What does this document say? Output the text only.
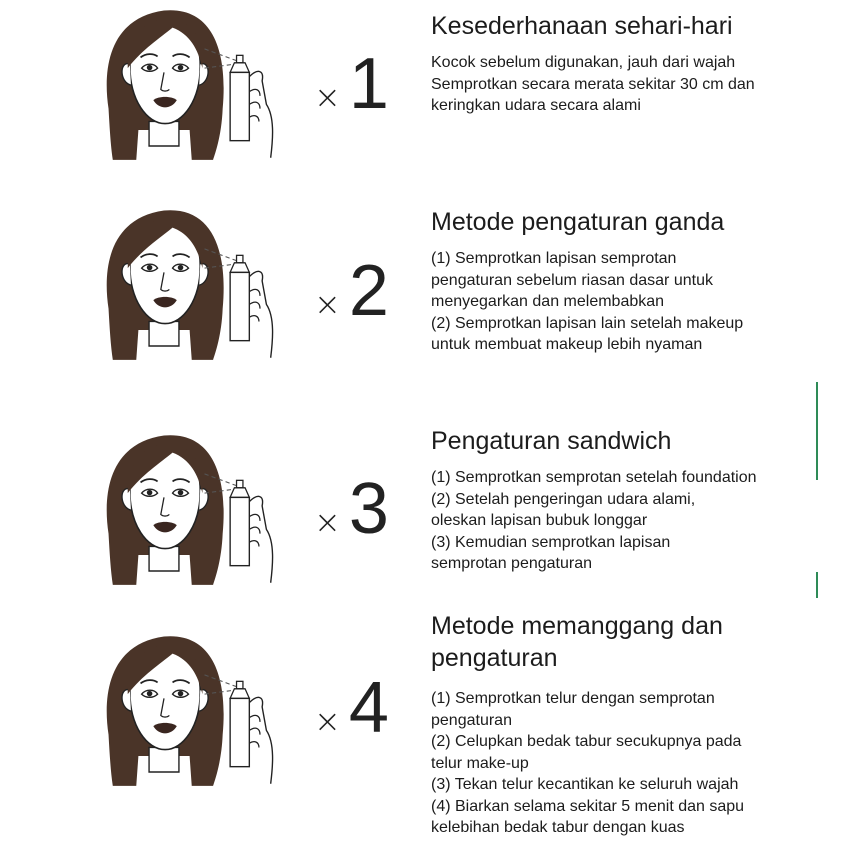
× 1
Kesederhanaan sehari-hari
Kocok sebelum digunakan, jauh dari wajah
Semprotkan secara merata sekitar 30 cm dan
keringkan udara secara alami
× 2
Metode pengaturan ganda
(1) Semprotkan lapisan semprotan
pengaturan sebelum riasan dasar untuk
menyegarkan dan melembabkan
(2) Semprotkan lapisan lain setelah makeup
untuk membuat makeup lebih nyaman
× 3
Pengaturan sandwich
(1) Semprotkan semprotan setelah foundation
(2) Setelah pengeringan udara alami,
oleskan lapisan bubuk longgar
(3) Kemudian semprotkan lapisan
semprotan pengaturan
× 4
Metode memanggang dan
pengaturan
(1) Semprotkan telur dengan semprotan
pengaturan
(2) Celupkan bedak tabur secukupnya pada
telur make-up
(3) Tekan telur kecantikan ke seluruh wajah
(4) Biarkan selama sekitar 5 menit dan sapu
kelebihan bedak tabur dengan kuas
